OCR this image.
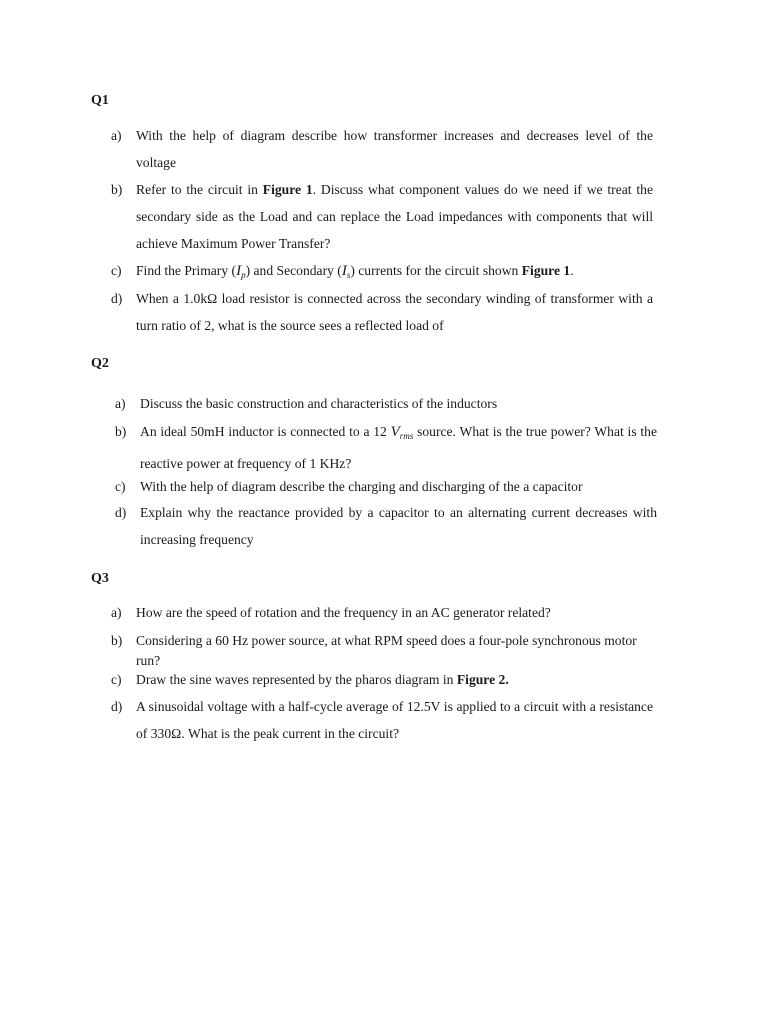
Q1
a) With the help of diagram describe how transformer increases and decreases level of the voltage
b) Refer to the circuit in Figure 1. Discuss what component values do we need if we treat the secondary side as the Load and can replace the Load impedances with components that will achieve Maximum Power Transfer?
c) Find the Primary $(I_p)$ and Secondary $(I_s)$ currents for the circuit shown Figure 1.
d) When a 1.0kΩ load resistor is connected across the secondary winding of transformer with a turn ratio of 2, what is the source sees a reflected load of
Q2
a) Discuss the basic construction and characteristics of the inductors
b) An ideal 50mH inductor is connected to a 12 $V_{rms}$ source. What is the true power? What is the reactive power at frequency of 1 KHz?
c) With the help of diagram describe the charging and discharging of the a capacitor
d) Explain why the reactance provided by a capacitor to an alternating current decreases with increasing frequency
Q3
a) How are the speed of rotation and the frequency in an AC generator related?
b) Considering a 60 Hz power source, at what RPM speed does a four-pole synchronous motor run?
c) Draw the sine waves represented by the pharos diagram in Figure 2.
d) A sinusoidal voltage with a half-cycle average of 12.5V is applied to a circuit with a resistance of 330Ω. What is the peak current in the circuit?
